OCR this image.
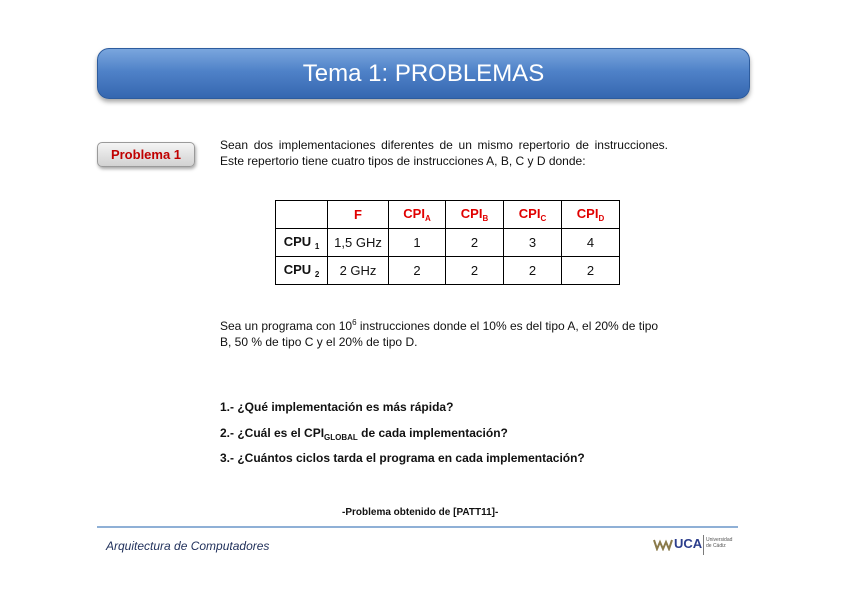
Tema 1: PROBLEMAS
Problema 1
Sean dos implementaciones diferentes de un mismo repertorio de instrucciones. Este repertorio tiene cuatro tipos de instrucciones A, B, C y D donde:
	F	$CPI_A$	$CPI_B$	$CPI_C$	$CPI_D$
CPU $_1$	1,5 GHz	1	2	3	4
CPU $_2$	2 GHz	2	2	2	2
Sea un programa con $10^6$ instrucciones donde el 10% es del tipo A, el 20% de tipo B, 50 % de tipo C y el 20% de tipo D.
1.- ¿Qué implementación es más rápida?
2.- ¿Cuál es el $CPI_{GLOBAL}$ de cada implementación?
3.- ¿Cuántos ciclos tarda el programa en cada implementación?
-Problema obtenido de [PATT11]-
Arquitectura de Computadores	UCA Universidad
de Cádiz
